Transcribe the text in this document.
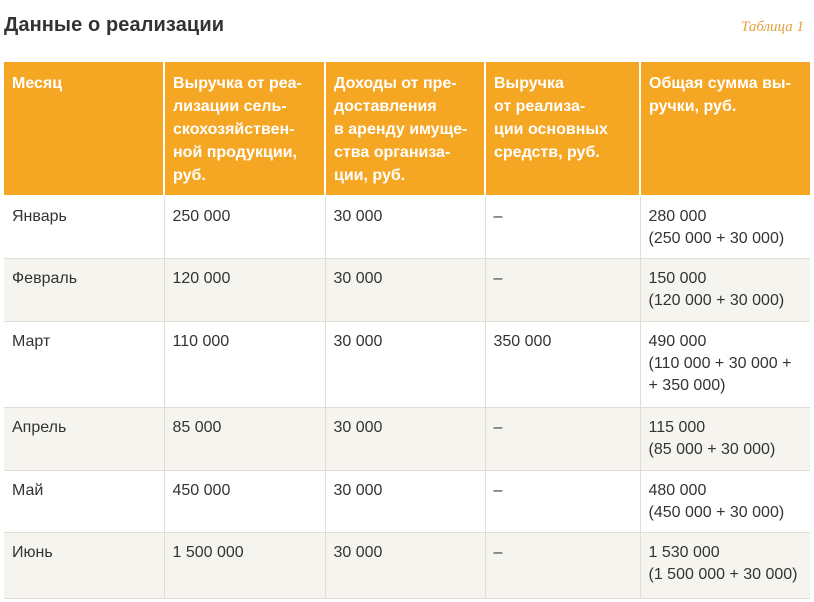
Данные о реализации	Таблица 1
Месяц	Выручка от реа-
лизации сель-
скохозяйствен-
ной продукции,
руб.	Доходы от пре-
доставления
в аренду имуще-
ства организа-
ции, руб.	Выручка
от реализа-
ции основных
средств, руб.	Общая сумма вы-
ручки, руб.

Январь	250 000	30 000	–	280 000
(250 000 + 30 000)

Февраль	120 000	30 000	–	150 000
(120 000 + 30 000)

Март	110 000	30 000	350 000	490 000
(110 000 + 30 000 +
+ 350 000)

Апрель	85 000	30 000	–	115 000
(85 000 + 30 000)

Май	450 000	30 000	–	480 000
(450 000 + 30 000)

Июнь	1 500 000	30 000	–	1 530 000
(1 500 000 + 30 000)
